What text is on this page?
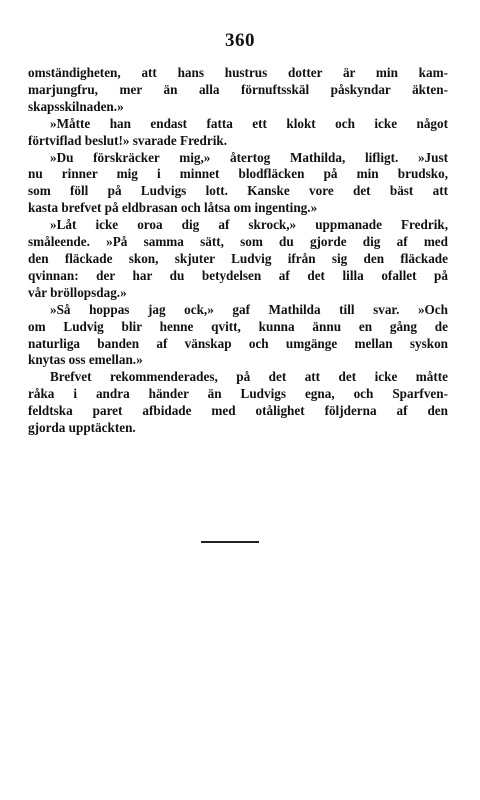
360
omständigheten, att hans hustrus dotter är min kam-
marjungfru, mer än alla förnuftsskäl påskyndar äkten-
skapsskilnaden.»
»Måtte han endast fatta ett klokt och icke något
förtviflad beslut!» svarade Fredrik.
»Du förskräcker mig,» återtog Mathilda, lifligt. »Just
nu rinner mig i minnet blodfläcken på min brudsko,
som föll på Ludvigs lott. Kanske vore det bäst att
kasta brefvet på eldbrasan och låtsa om ingenting.»
»Låt icke oroa dig af skrock,» uppmanade Fredrik,
småleende. »På samma sätt, som du gjorde dig af med
den fläckade skon, skjuter Ludvig ifrån sig den fläckade
qvinnan: der har du betydelsen af det lilla ofallet på
vår bröllopsdag.»
»Så hoppas jag ock,» gaf Mathilda till svar. »Och
om Ludvig blir henne qvitt, kunna ännu en gång de
naturliga banden af vänskap och umgänge mellan syskon
knytas oss emellan.»
Brefvet rekommenderades, på det att det icke måtte
råka i andra händer än Ludvigs egna, och Sparfven-
feldtska paret afbidade med otålighet följderna af den
gjorda upptäckten.
